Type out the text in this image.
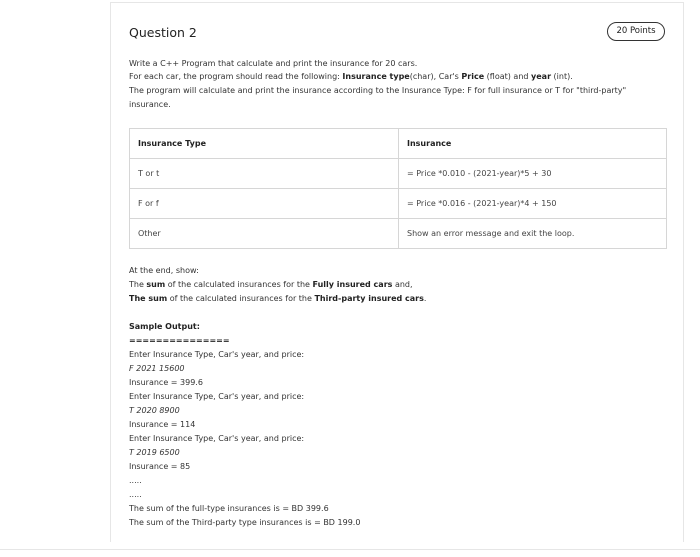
Question 2	20 Points
Write a C++ Program that calculate and print the insurance for 20 cars.
For each car, the program should read the following: Insurance type(char), Car's Price (float) and year (int).
The program will calculate and print the insurance according to the Insurance Type: F for full insurance or T for "third-party"
insurance.
Insurance Type	Insurance
T or t	= Price *0.010 - (2021-year)*5 + 30
F or f	= Price *0.016 - (2021-year)*4 + 150
Other	Show an error message and exit the loop.
At the end, show:
The sum of the calculated insurances for the Fully insured cars and,
The sum of the calculated insurances for the Third-party insured cars.
Sample Output:
===============
Enter Insurance Type, Car's year, and price:
F 2021 15600
Insurance = 399.6
Enter Insurance Type, Car's year, and price:
T 2020 8900
Insurance = 114
Enter Insurance Type, Car's year, and price:
T 2019 6500
Insurance = 85
.....
.....
The sum of the full-type insurances is = BD 399.6
The sum of the Third-party type insurances is = BD 199.0
